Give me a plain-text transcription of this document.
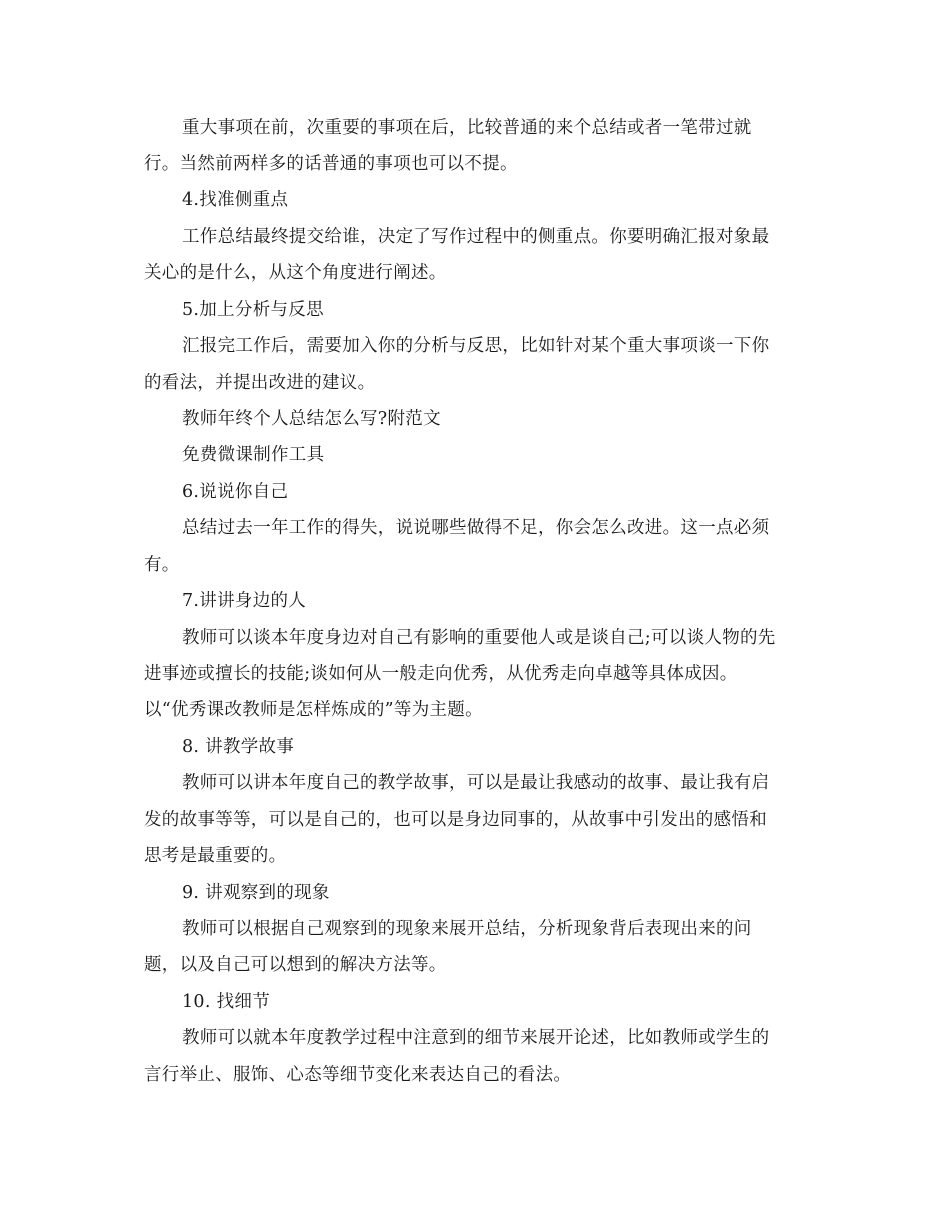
重大事项在前，次重要的事项在后，比较普通的来个总结或者一笔带过就
行。当然前两样多的话普通的事项也可以不提。
4.找准侧重点
工作总结最终提交给谁，决定了写作过程中的侧重点。你要明确汇报对象最
关心的是什么，从这个角度进行阐述。
5.加上分析与反思
汇报完工作后，需要加入你的分析与反思，比如针对某个重大事项谈一下你
的看法，并提出改进的建议。
教师年终个人总结怎么写?附范文
免费微课制作工具
6.说说你自己
总结过去一年工作的得失，说说哪些做得不足，你会怎么改进。这一点必须
有。
7.讲讲身边的人
教师可以谈本年度身边对自己有影响的重要他人或是谈自己;可以谈人物的先
进事迹或擅长的技能;谈如何从一般走向优秀，从优秀走向卓越等具体成因。
以“优秀课改教师是怎样炼成的”等为主题。
8. 讲教学故事
教师可以讲本年度自己的教学故事，可以是最让我感动的故事、最让我有启
发的故事等等，可以是自己的，也可以是身边同事的，从故事中引发出的感悟和
思考是最重要的。
9. 讲观察到的现象
教师可以根据自己观察到的现象来展开总结，分析现象背后表现出来的问
题，以及自己可以想到的解决方法等。
10. 找细节
教师可以就本年度教学过程中注意到的细节来展开论述，比如教师或学生的
言行举止、服饰、心态等细节变化来表达自己的看法。
